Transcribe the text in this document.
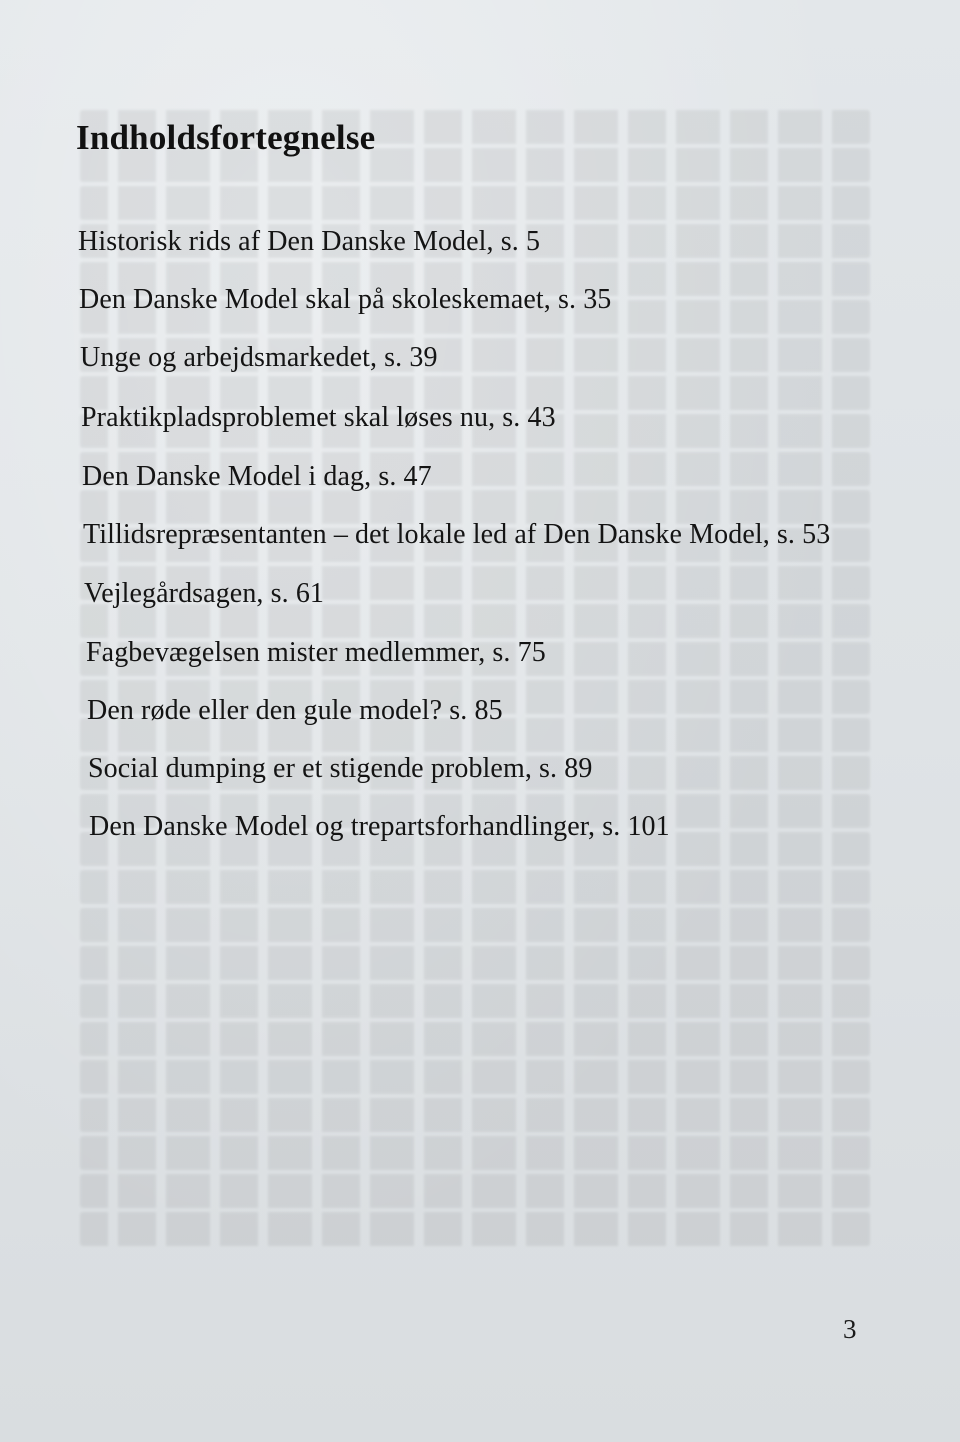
Indholdsfortegnelse
Historisk rids af Den Danske Model, s. 5
Den Danske Model skal på skoleskemaet, s. 35
Unge og arbejdsmarkedet, s. 39
Praktikpladsproblemet skal løses nu, s. 43
Den Danske Model i dag, s. 47
Tillidsrepræsentanten – det lokale led af Den Danske Model, s. 53
Vejlegårdsagen, s. 61
Fagbevægelsen mister medlemmer, s. 75
Den røde eller den gule model? s. 85
Social dumping er et stigende problem, s. 89
Den Danske Model og trepartsforhandlinger, s. 101
3
